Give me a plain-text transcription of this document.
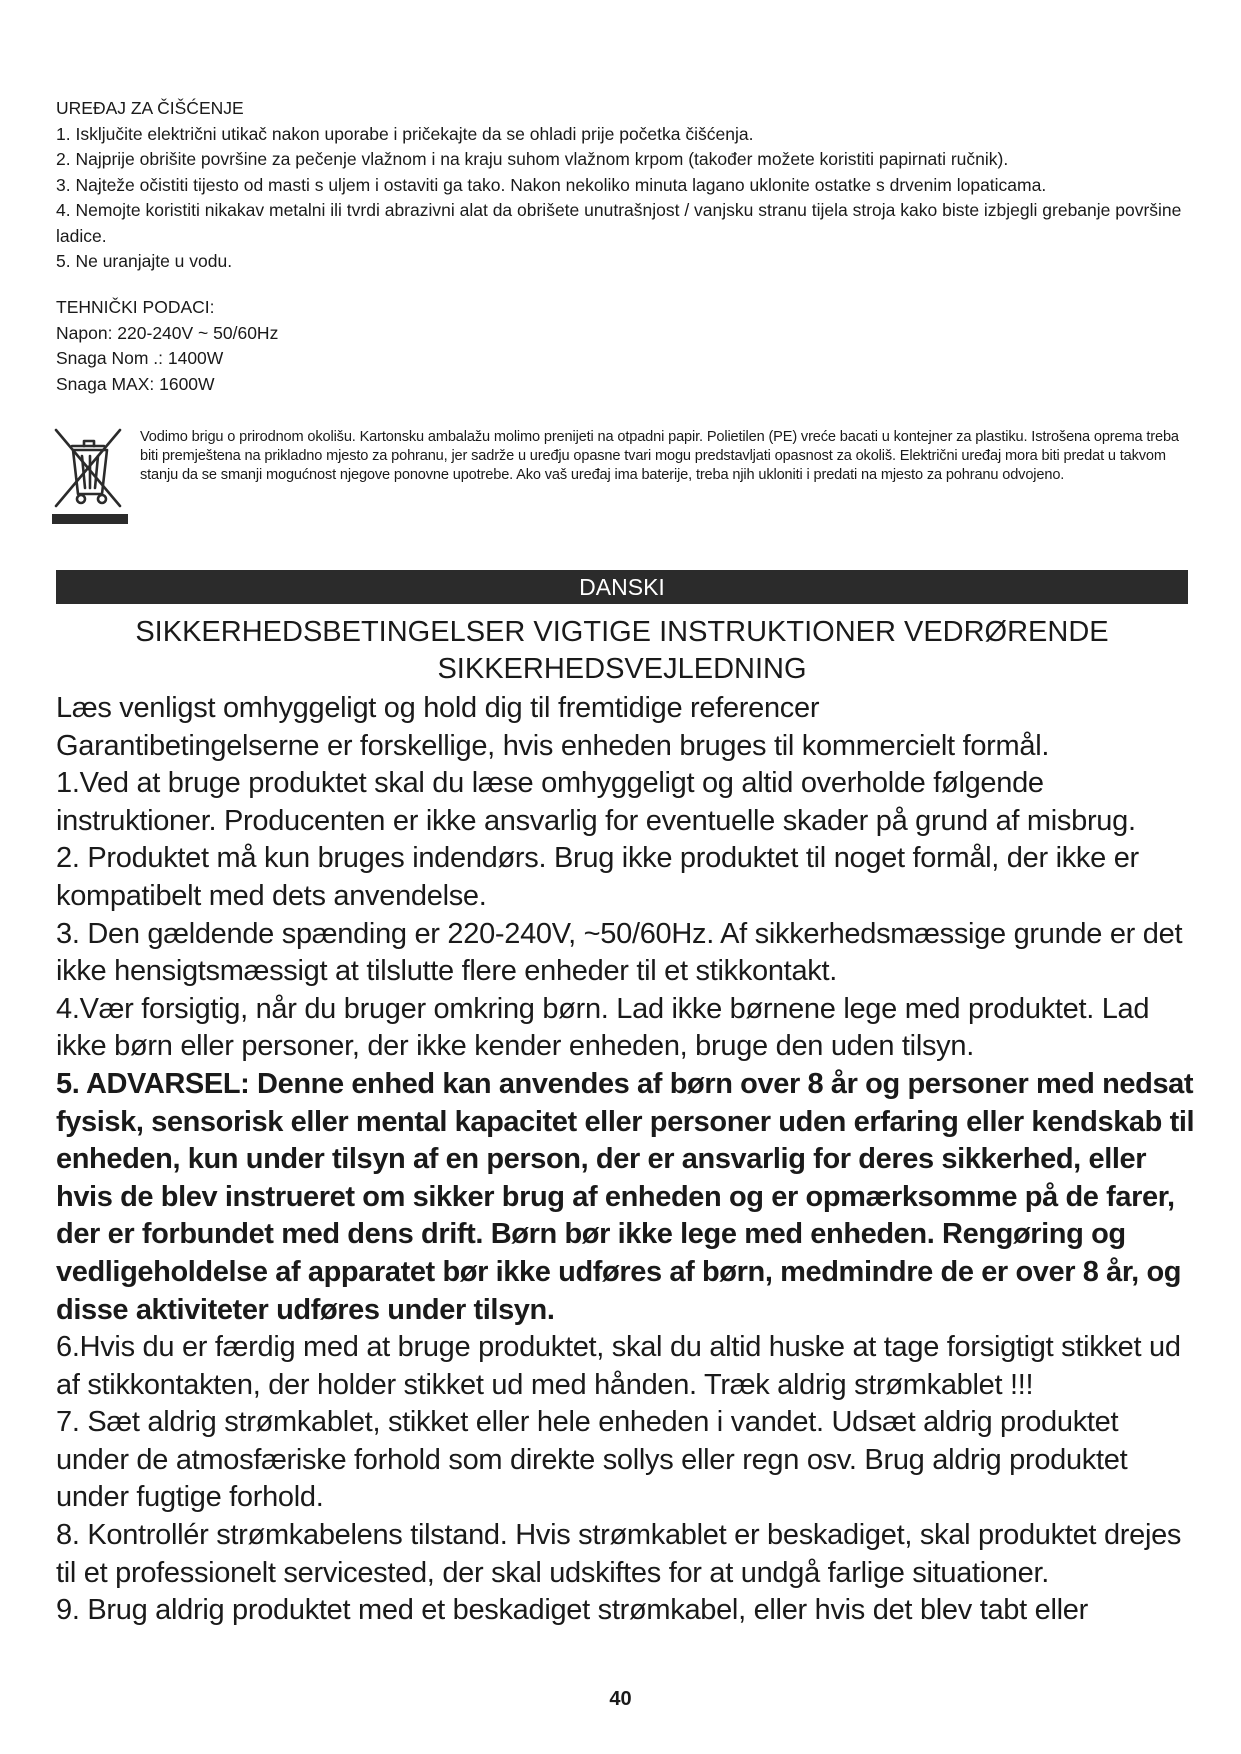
UREĐAJ ZA ČIŠĆENJE

1. Isključite električni utikač nakon uporabe i pričekajte da se ohladi prije početka čišćenja.

2. Najprije obrišite površine za pečenje vlažnom i na kraju suhom vlažnom krpom (također možete koristiti papirnati ručnik).

3. Najteže očistiti tijesto od masti s uljem i ostaviti ga tako. Nakon nekoliko minuta lagano uklonite ostatke s drvenim lopaticama.

4. Nemojte koristiti nikakav metalni ili tvrdi abrazivni alat da obrišete unutrašnjost / vanjsku stranu tijela stroja kako biste izbjegli grebanje površine ladice.

5. Ne uranjajte u vodu.

TEHNIČKI PODACI:

Napon: 220-240V ~ 50/60Hz

Snaga Nom .: 1400W

Snaga MAX: 1600W

Vodimo brigu o prirodnom okolišu. Kartonsku ambalažu molimo prenijeti na otpadni papir. Polietilen (PE) vreće bacati u kontejner za plastiku. Istrošena oprema treba biti premještena na prikladno mjesto za pohranu, jer sadrže u uređju opasne tvari mogu predstavljati opasnost za okoliš. Električni uređaj mora biti predat u takvom stanju da se smanji mogućnost njegove ponovne upotrebe. Ako vaš uređaj ima baterije, treba njih ukloniti i predati na mjesto za pohranu odvojeno.

DANSKI
SIKKERHEDSBETINGELSER VIGTIGE INSTRUKTIONER VEDRØRENDE SIKKERHEDSVEJLEDNING

Læs venligst omhyggeligt og hold dig til fremtidige referencer

Garantibetingelserne er forskellige, hvis enheden bruges til kommercielt formål.

1.Ved at bruge produktet skal du læse omhyggeligt og altid overholde følgende instruktioner. Producenten er ikke ansvarlig for eventuelle skader på grund af misbrug.

2. Produktet må kun bruges indendørs. Brug ikke produktet til noget formål, der ikke er kompatibelt med dets anvendelse.

3. Den gældende spænding er 220-240V, ~50/60Hz. Af sikkerhedsmæssige grunde er det ikke hensigtsmæssigt at tilslutte flere enheder til et stikkontakt.

4.Vær forsigtig, når du bruger omkring børn. Lad ikke børnene lege med produktet. Lad ikke børn eller personer, der ikke kender enheden, bruge den uden tilsyn.

5. ADVARSEL: Denne enhed kan anvendes af børn over 8 år og personer med nedsat fysisk, sensorisk eller mental kapacitet eller personer uden erfaring eller kendskab til enheden, kun under tilsyn af en person, der er ansvarlig for deres sikkerhed, eller hvis de blev instrueret om sikker brug af enheden og er opmærksomme på de farer, der er forbundet med dens drift. Børn bør ikke lege med enheden. Rengøring og vedligeholdelse af apparatet bør ikke udføres af børn, medmindre de er over 8 år, og disse aktiviteter udføres under tilsyn.

6.Hvis du er færdig med at bruge produktet, skal du altid huske at tage forsigtigt stikket ud af stikkontakten, der holder stikket ud med hånden. Træk aldrig strømkablet !!!

7. Sæt aldrig strømkablet, stikket eller hele enheden i vandet. Udsæt aldrig produktet under de atmosfæriske forhold som direkte sollys eller regn osv. Brug aldrig produktet under fugtige forhold.

8. Kontrollér strømkabelens tilstand. Hvis strømkablet er beskadiget, skal produktet drejes til et professionelt servicested, der skal udskiftes for at undgå farlige situationer.

9. Brug aldrig produktet med et beskadiget strømkabel, eller hvis det blev tabt eller

40
